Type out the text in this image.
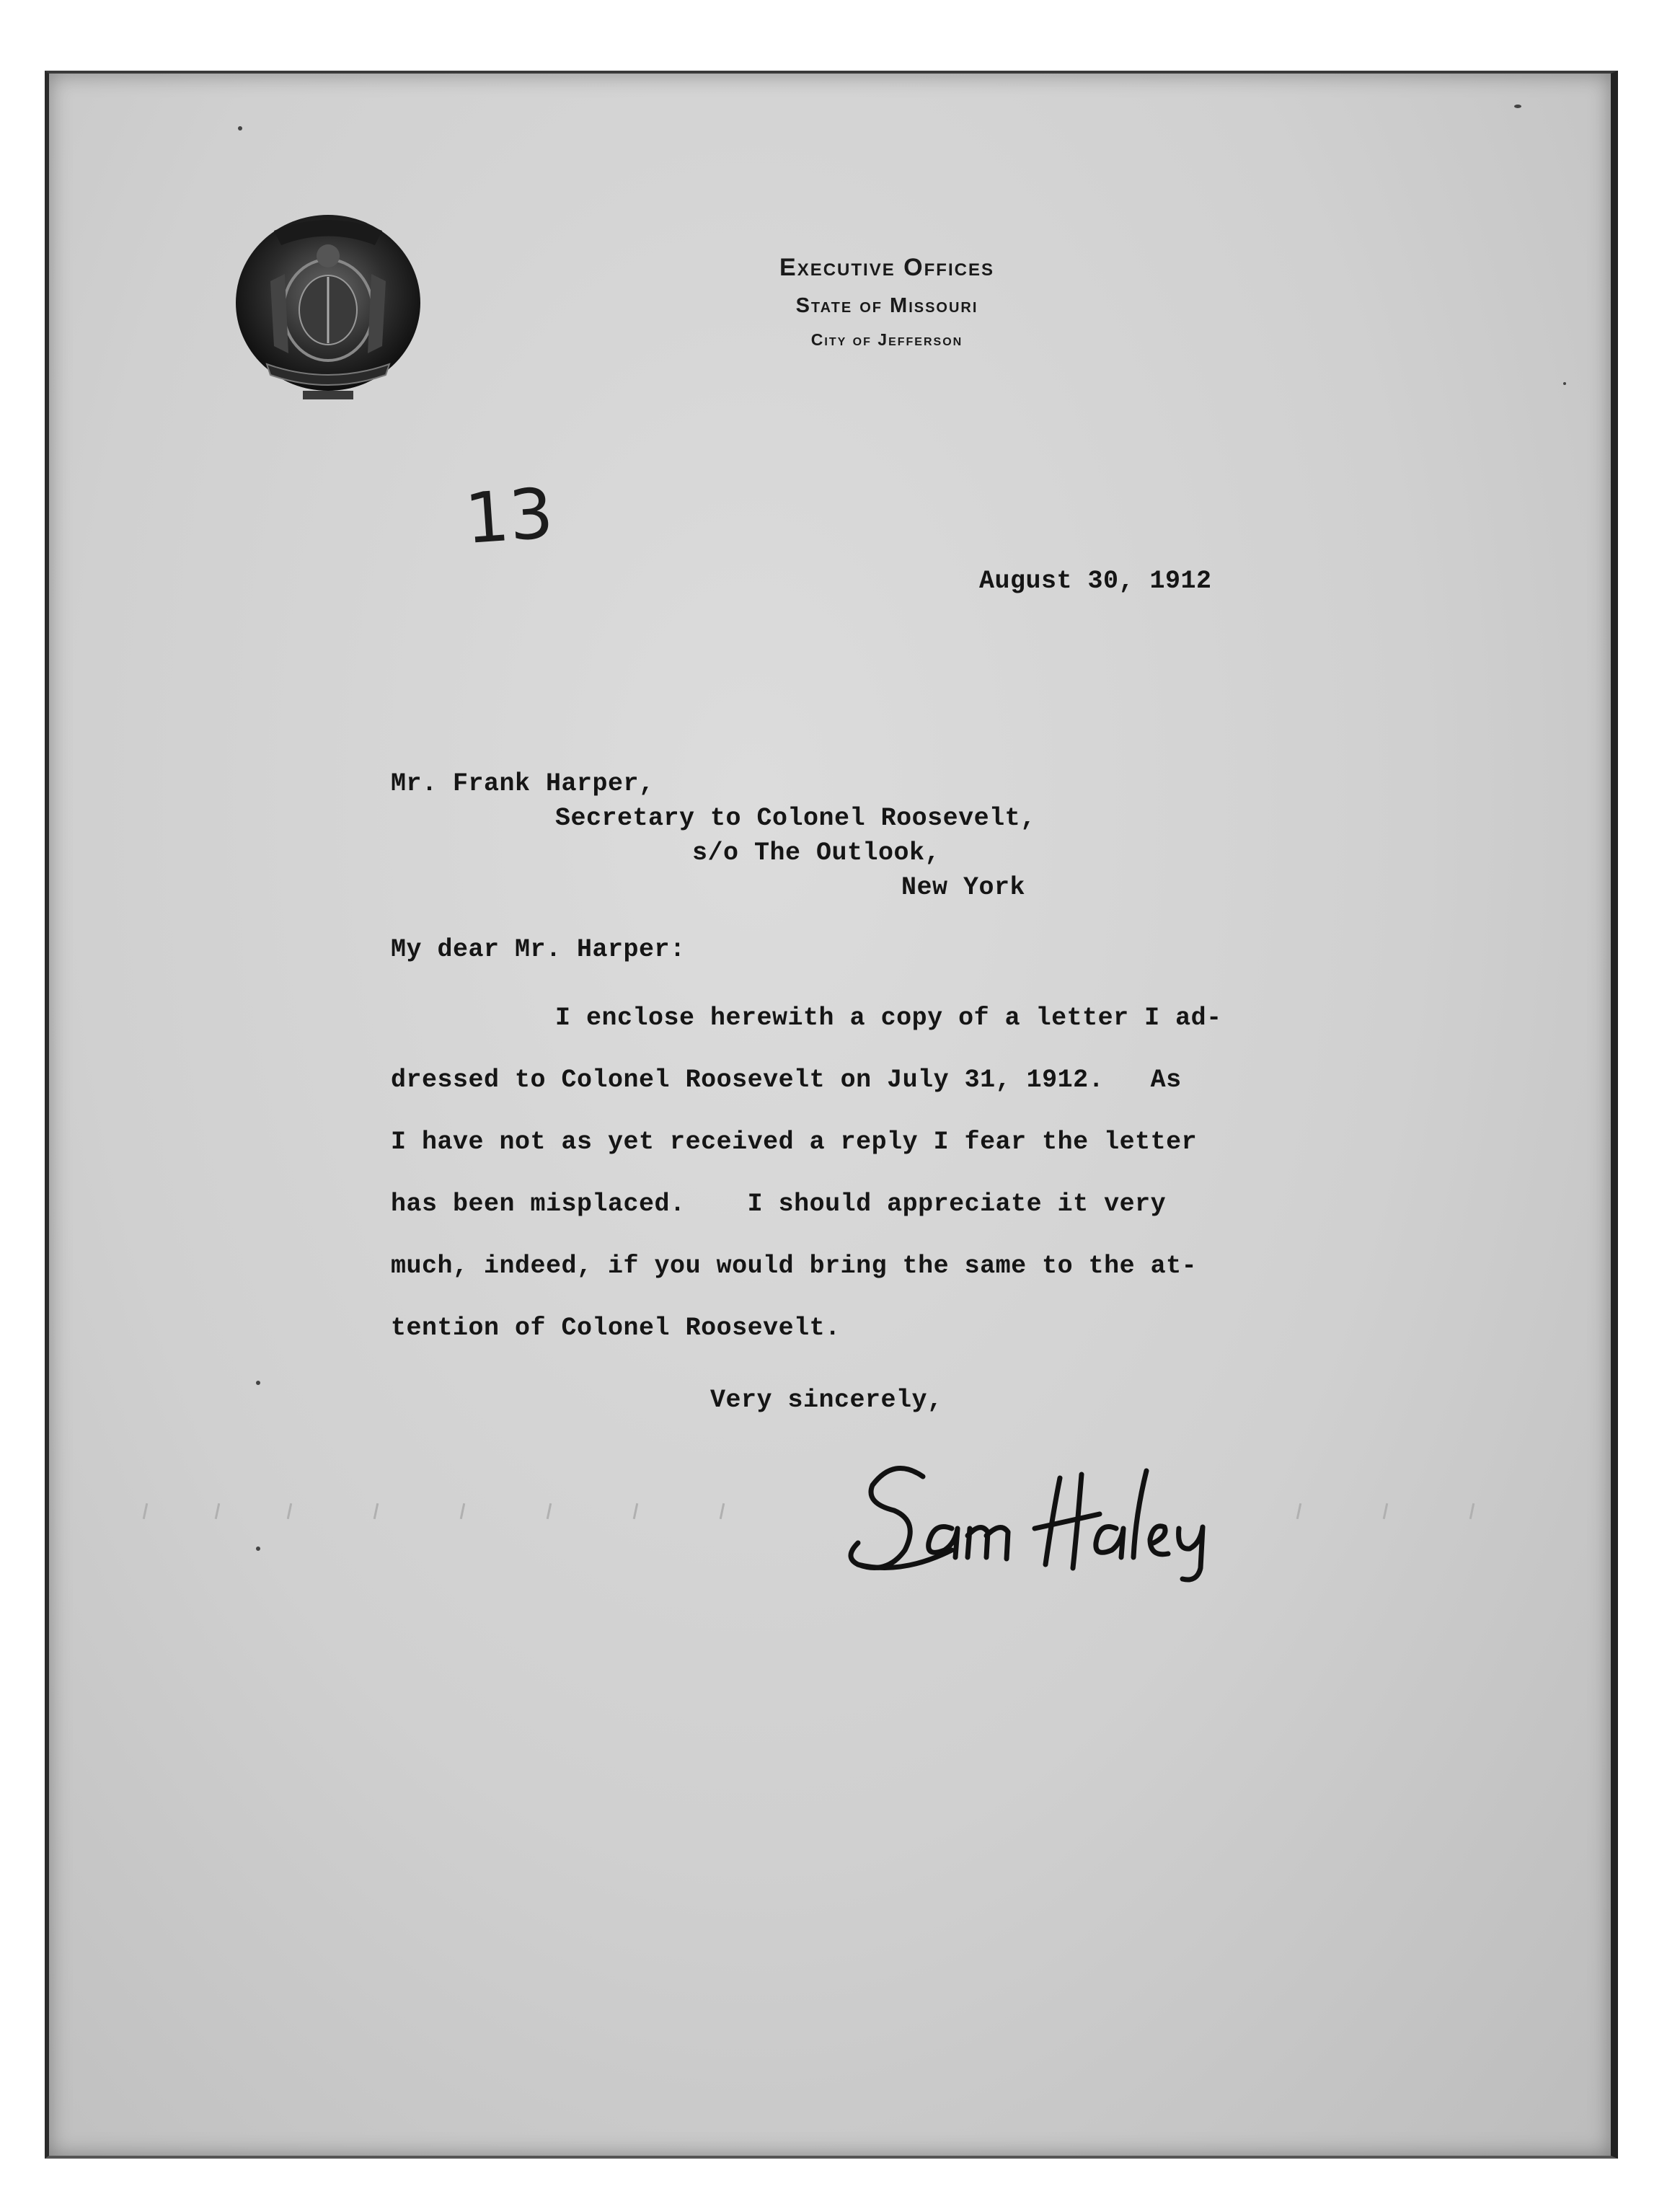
Executive Offices
State of Missouri
City of Jefferson
13
August 30, 1912
Mr. Frank Harper,
Secretary to Colonel Roosevelt,
s/o The Outlook,
New York
My dear Mr. Harper:
I enclose herewith a copy of a letter I ad-
dressed to Colonel Roosevelt on July 31, 1912.   As
I have not as yet received a reply I fear the letter
has been misplaced.    I should appreciate it very
much, indeed, if you would bring the same to the at-
tention of Colonel Roosevelt.
Very sincerely,
